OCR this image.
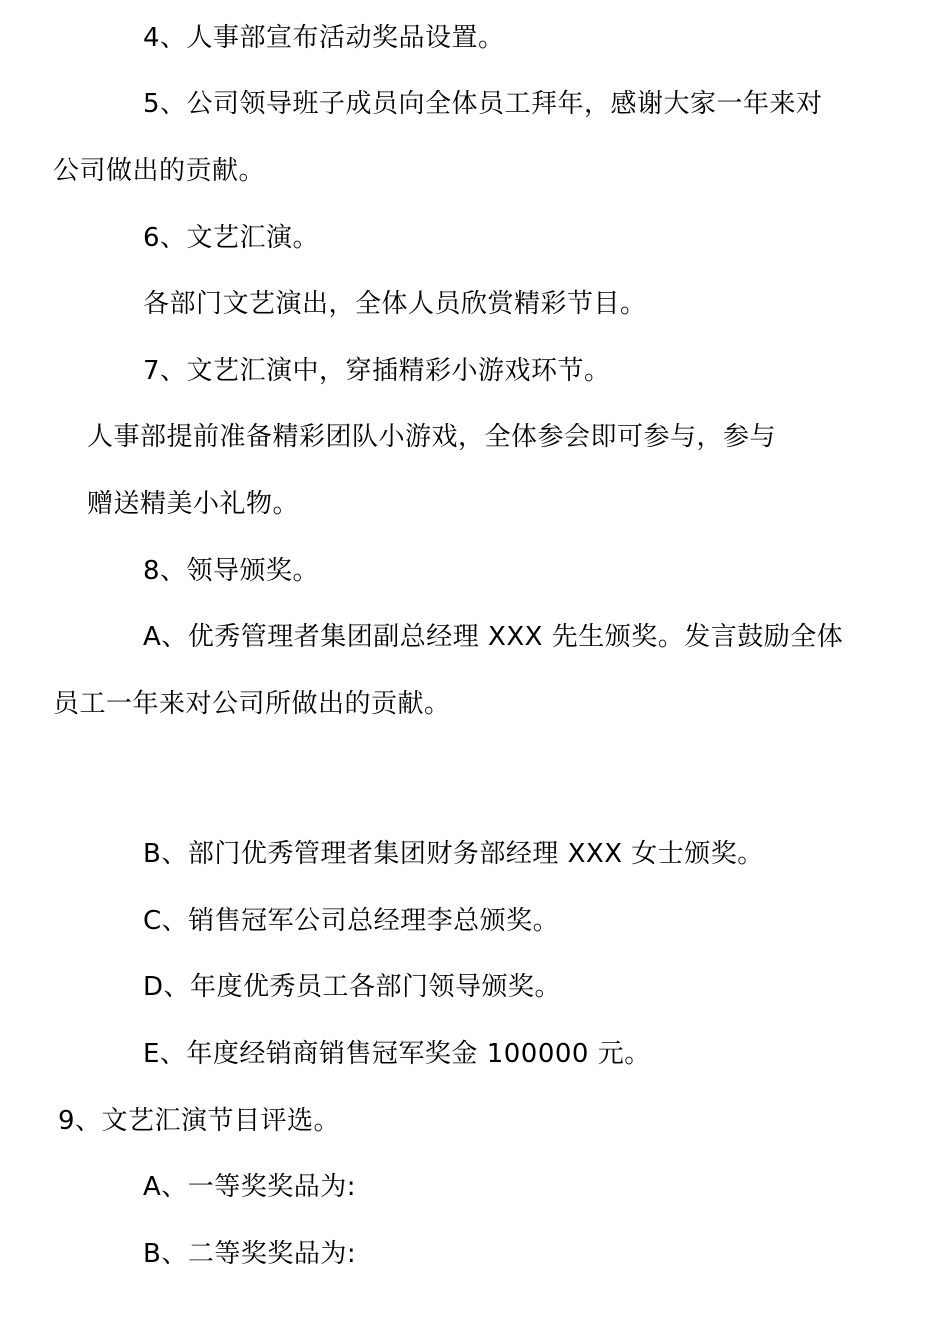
4、人事部宣布活动奖品设置。
5、公司领导班子成员向全体员工拜年，感谢大家一年来对
公司做出的贡献。
6、文艺汇演。
各部门文艺演出，全体人员欣赏精彩节目。
7、文艺汇演中，穿插精彩小游戏环节。
人事部提前准备精彩团队小游戏，全体参会即可参与，参与
赠送精美小礼物。
8、领导颁奖。
A、优秀管理者集团副总经理 XXX 先生颁奖。发言鼓励全体
员工一年来对公司所做出的贡献。
B、部门优秀管理者集团财务部经理 XXX 女士颁奖。
C、销售冠军公司总经理李总颁奖。
D、年度优秀员工各部门领导颁奖。
E、年度经销商销售冠军奖金 100000 元。
9、文艺汇演节目评选。
A、一等奖奖品为:
B、二等奖奖品为:
